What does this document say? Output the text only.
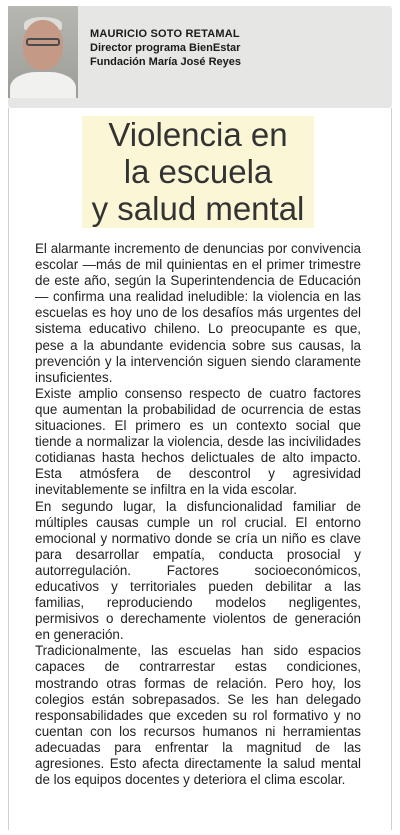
MAURICIO SOTO RETAMAL
Director programa BienEstar
Fundación María José Reyes
Violencia en
la escuela
y salud mental

El alarmante incremento de denuncias por convivencia escolar —más de mil quinientas en el primer trimestre de este año, según la Superintendencia de Educación— confirma una realidad ineludible: la violencia en las escuelas es hoy uno de los desafíos más urgentes del sistema educativo chileno. Lo preocupante es que, pese a la abundante evidencia sobre sus causas, la prevención y la intervención siguen siendo claramente insuficientes.

Existe amplio consenso respecto de cuatro factores que aumentan la probabilidad de ocurrencia de estas situaciones. El primero es un contexto social que tiende a normalizar la violencia, desde las incivilidades cotidianas hasta hechos delictuales de alto impacto. Esta atmósfera de descontrol y agresividad inevitablemente se infiltra en la vida escolar.

En segundo lugar, la disfuncionalidad familiar de múltiples causas cumple un rol crucial. El entorno emocional y normativo donde se cría un niño es clave para desarrollar empatía, conducta prosocial y autorregulación. Factores socioeconómicos, educativos y territoriales pueden debilitar a las familias, reproduciendo modelos negligentes, permisivos o derechamente violentos de generación en generación.

Tradicionalmente, las escuelas han sido espacios capaces de contrarrestar estas condiciones, mostrando otras formas de relación. Pero hoy, los colegios están sobrepasados. Se les han delegado responsabilidades que exceden su rol formativo y no cuentan con los recursos humanos ni herramientas adecuadas para enfrentar la magnitud de las agresiones. Esto afecta directamente la salud mental de los equipos docentes y deteriora el clima escolar.
